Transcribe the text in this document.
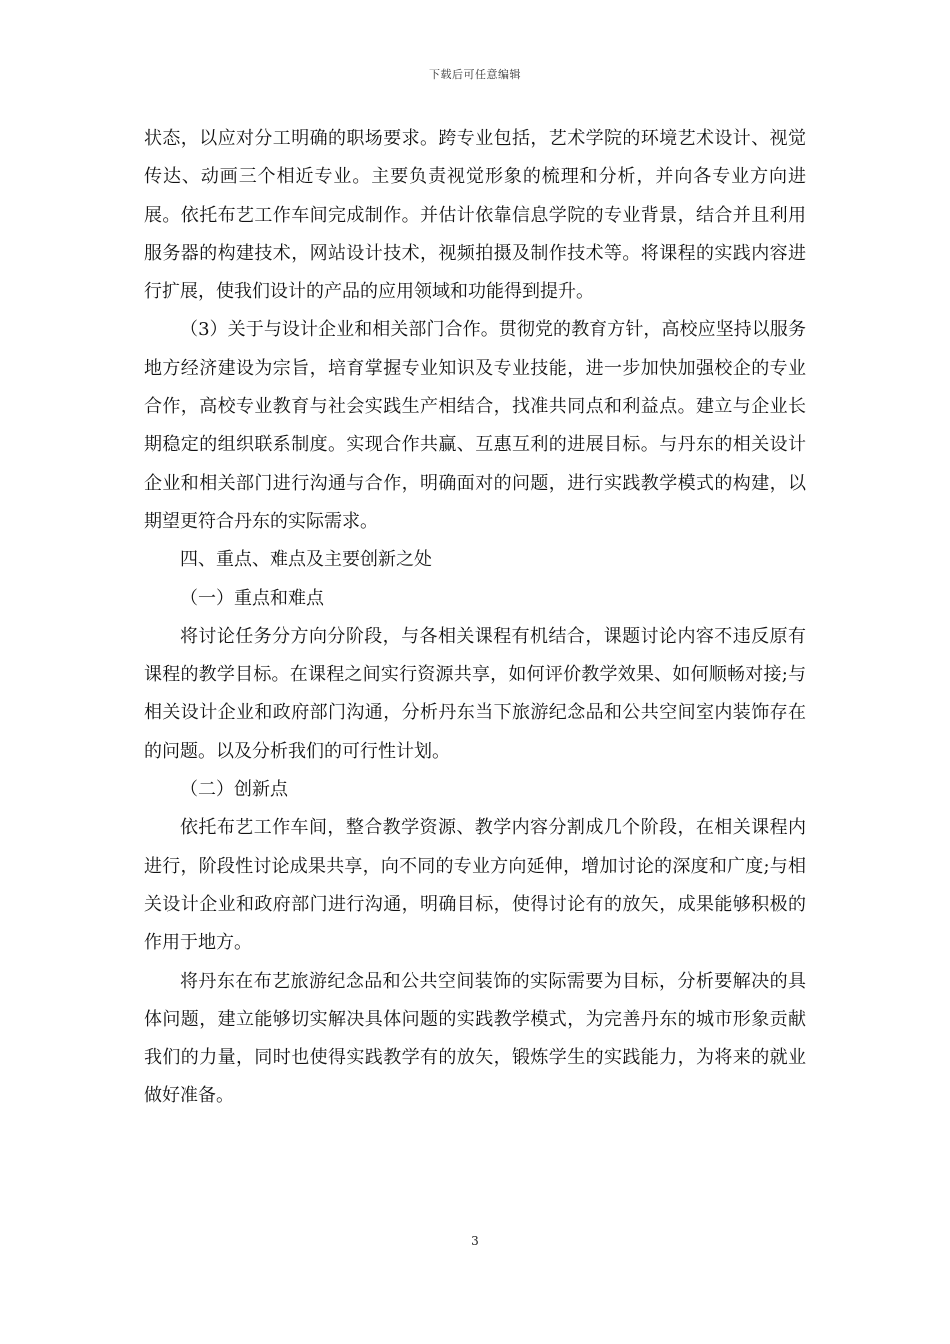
下载后可任意编辑

状态，以应对分工明确的职场要求。跨专业包括，艺术学院的环境艺术设计、视觉传达、动画三个相近专业。主要负责视觉形象的梳理和分析，并向各专业方向进展。依托布艺工作车间完成制作。并估计依靠信息学院的专业背景，结合并且利用服务器的构建技术，网站设计技术，视频拍摄及制作技术等。将课程的实践内容进行扩展，使我们设计的产品的应用领域和功能得到提升。

（3）关于与设计企业和相关部门合作。贯彻党的教育方针，高校应坚持以服务地方经济建设为宗旨，培育掌握专业知识及专业技能，进一步加快加强校企的专业合作，高校专业教育与社会实践生产相结合，找准共同点和利益点。建立与企业长期稳定的组织联系制度。实现合作共赢、互惠互利的进展目标。与丹东的相关设计企业和相关部门进行沟通与合作，明确面对的问题，进行实践教学模式的构建，以期望更符合丹东的实际需求。

四、重点、难点及主要创新之处

（一）重点和难点

将讨论任务分方向分阶段，与各相关课程有机结合，课题讨论内容不违反原有课程的教学目标。在课程之间实行资源共享，如何评价教学效果、如何顺畅对接;与相关设计企业和政府部门沟通，分析丹东当下旅游纪念品和公共空间室内装饰存在的问题。以及分析我们的可行性计划。

（二）创新点

依托布艺工作车间，整合教学资源、教学内容分割成几个阶段，在相关课程内进行，阶段性讨论成果共享，向不同的专业方向延伸，增加讨论的深度和广度;与相关设计企业和政府部门进行沟通，明确目标，使得讨论有的放矢，成果能够积极的作用于地方。

将丹东在布艺旅游纪念品和公共空间装饰的实际需要为目标，分析要解决的具体问题，建立能够切实解决具体问题的实践教学模式，为完善丹东的城市形象贡献我们的力量，同时也使得实践教学有的放矢，锻炼学生的实践能力，为将来的就业做好准备。

3
